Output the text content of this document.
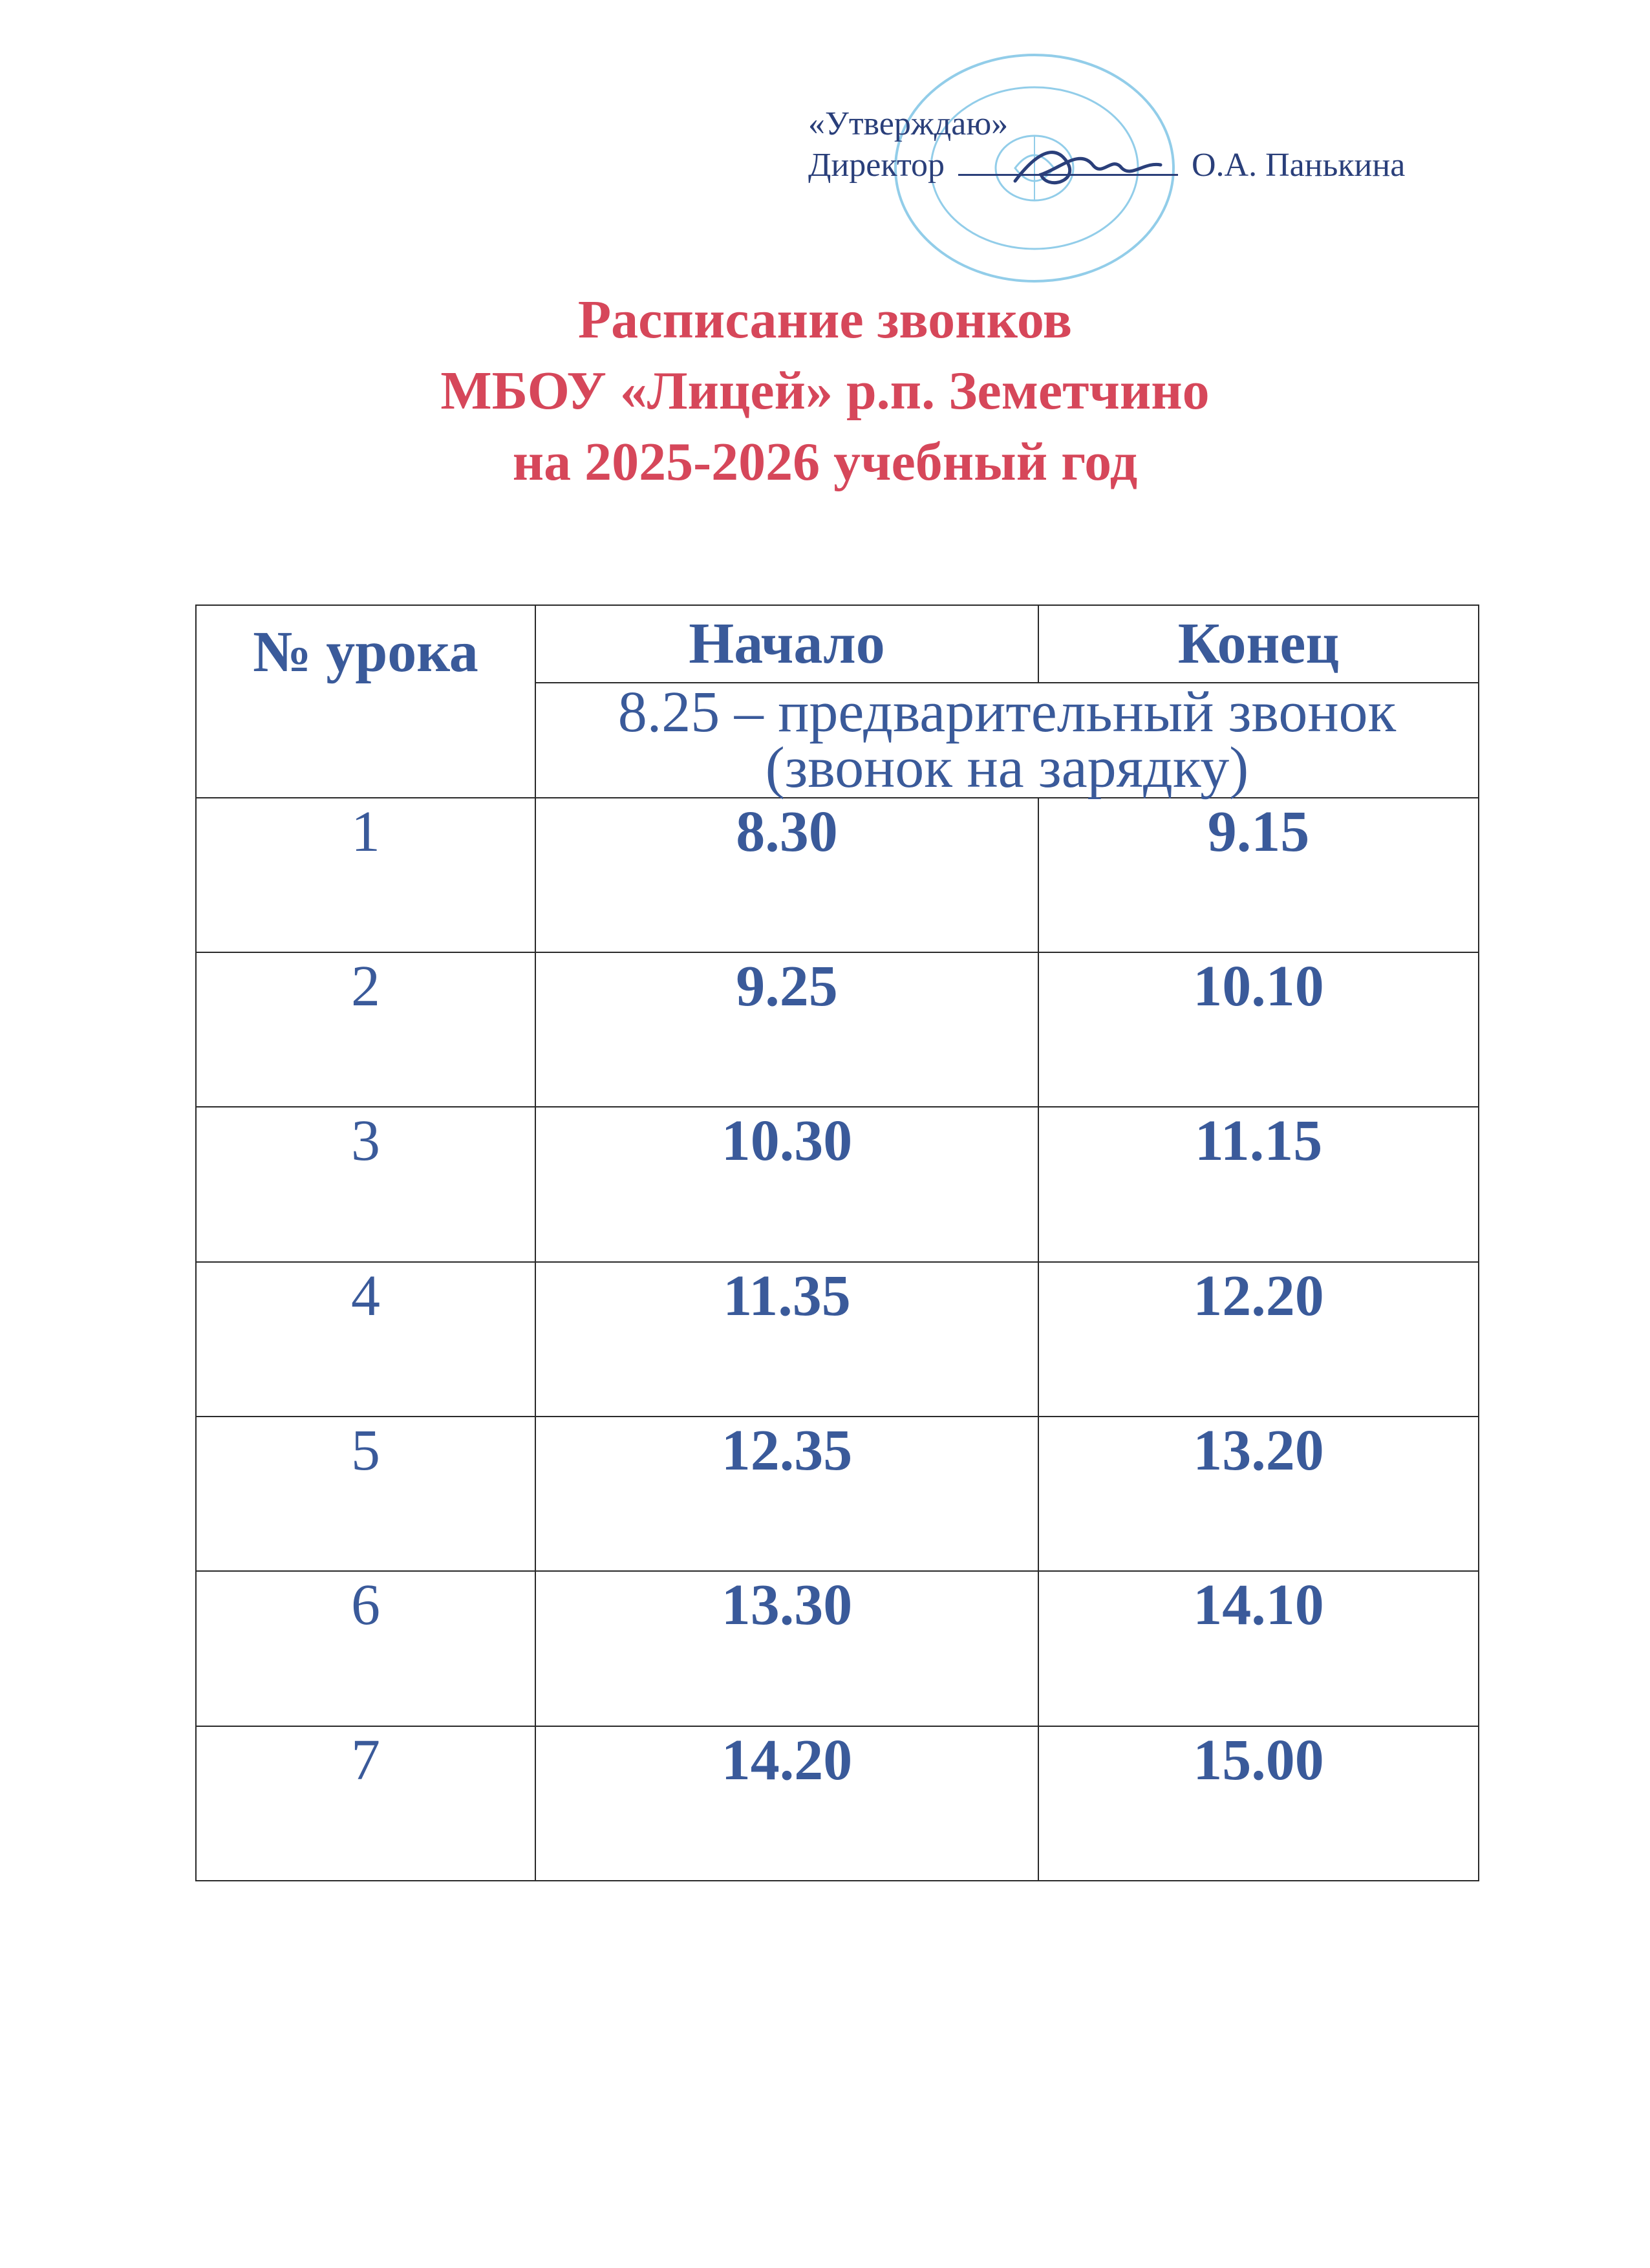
«Утверждаю»
Директор	О.А. Панькина
Расписание звонков
МБОУ «Лицей» р.п. Земетчино
на 2025-2026 учебный год
№ урока	Начало	Конец
	8.25 – предварительный звонок (звонок на зарядку)	
1	8.30	9.15
2	9.25	10.10
3	10.30	11.15
4	11.35	12.20
5	12.35	13.20
6	13.30	14.10
7	14.20	15.00
